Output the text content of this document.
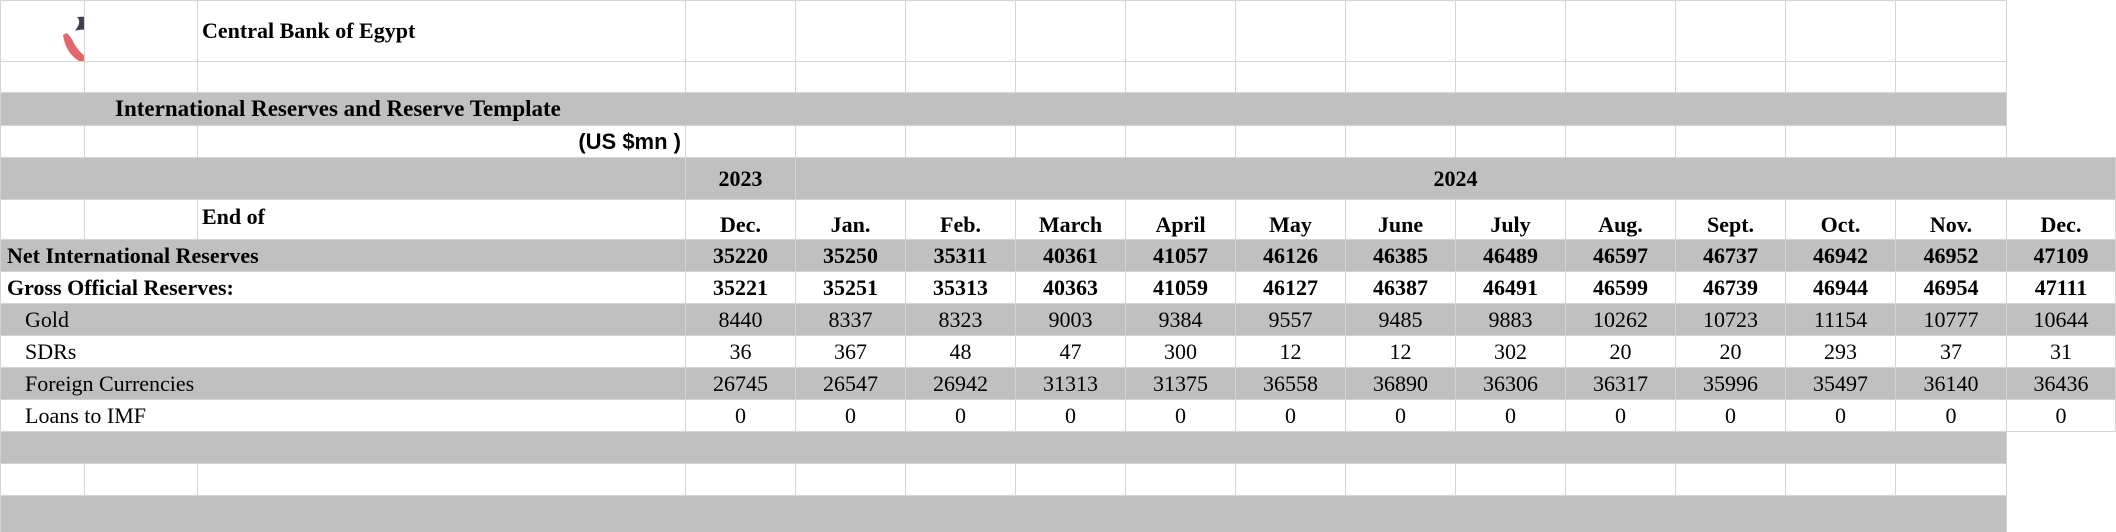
		Central Bank of Egypt													

International Reserves and Reserve Template															
		(US $mn )													
			2023	2024											
		End of	Dec.	Jan.	Feb.	March	April	May	June	July	Aug.	Sept.	Oct.	Nov.	Dec.
Net International Reserves			35220	35250	35311	40361	41057	46126	46385	46489	46597	46737	46942	46952	47109
Gross Official Reserves:			35221	35251	35313	40363	41059	46127	46387	46491	46599	46739	46944	46954	47111
Gold			8440	8337	8323	9003	9384	9557	9485	9883	10262	10723	11154	10777	10644
SDRs			36	367	48	47	300	12	12	302	20	20	293	37	31
Foreign Currencies			26745	26547	26942	31313	31375	36558	36890	36306	36317	35996	35497	36140	36436
Loans to IMF			0	0	0	0	0	0	0	0	0	0	0	0	0
